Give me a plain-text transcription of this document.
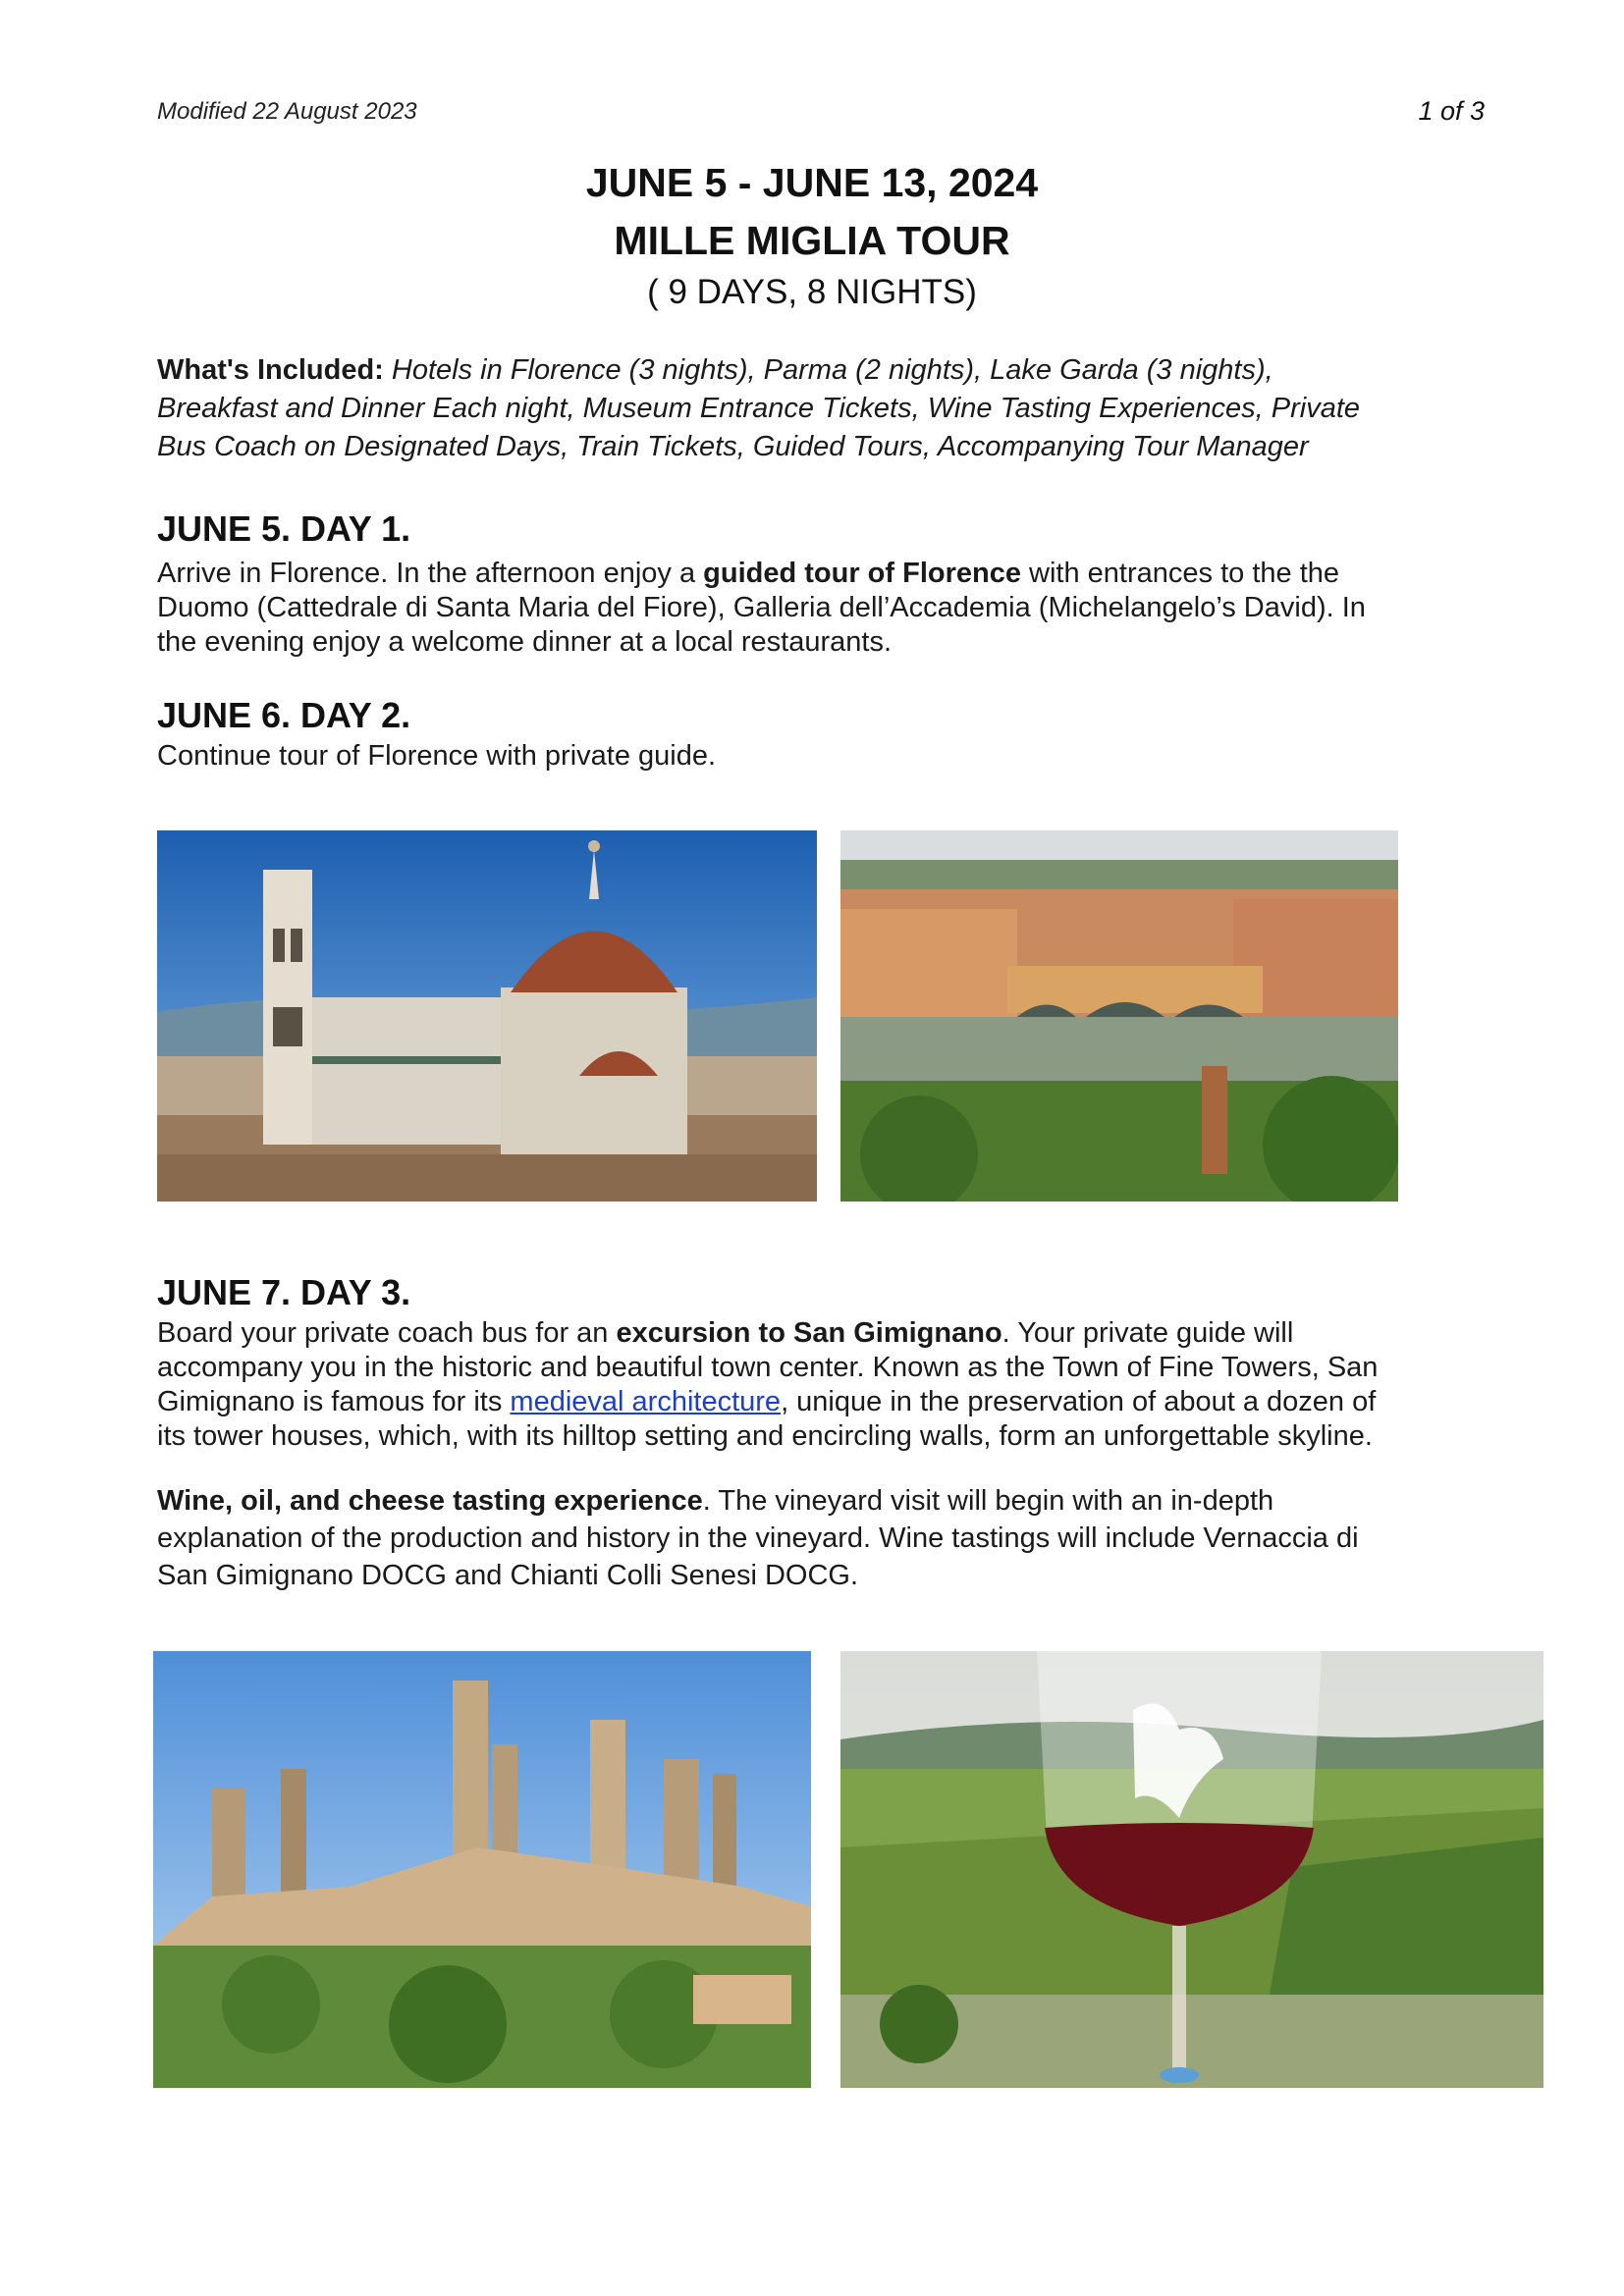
Modified 22 August 2023	1 of 3
JUNE 5 - JUNE 13, 2024
MILLE MIGLIA TOUR
( 9 DAYS, 8 NIGHTS)
What's Included: Hotels in Florence (3 nights), Parma (2 nights), Lake Garda (3 nights),
Breakfast and Dinner Each night, Museum Entrance Tickets, Wine Tasting Experiences, Private
Bus Coach on Designated Days, Train Tickets, Guided Tours, Accompanying Tour Manager
JUNE 5. DAY 1.
Arrive in Florence. In the afternoon enjoy a guided tour of Florence with entrances to the the
Duomo (Cattedrale di Santa Maria del Fiore), Galleria dell’Accademia (Michelangelo’s David). In
the evening enjoy a welcome dinner at a local restaurants.
JUNE 6. DAY 2.
Continue tour of Florence with private guide.
JUNE 7. DAY 3.
Board your private coach bus for an excursion to San Gimignano. Your private guide will
accompany you in the historic and beautiful town center. Known as the Town of Fine Towers, San
Gimignano is famous for its medieval architecture, unique in the preservation of about a dozen of
its tower houses, which, with its hilltop setting and encircling walls, form an unforgettable skyline.
Wine, oil, and cheese tasting experience. The vineyard visit will begin with an in-depth
explanation of the production and history in the vineyard. Wine tastings will include Vernaccia di
San Gimignano DOCG and Chianti Colli Senesi DOCG.
